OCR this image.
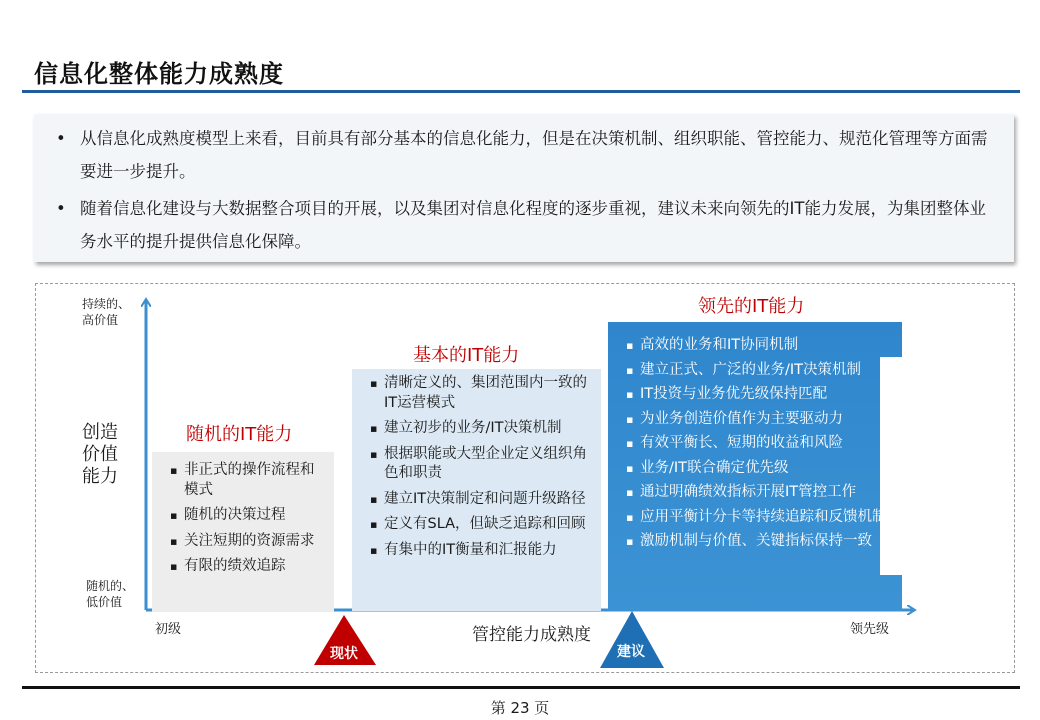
信息化整体能力成熟度
• 从信息化成熟度模型上来看，目前具有部分基本的信息化能力，但是在决策机制、组织职能、管控能力、规范化管理等方面需要进一步提升。
• 随着信息化建设与大数据整合项目的开展，以及集团对信息化程度的逐步重视，建议未来向领先的IT能力发展，为集团整体业务水平的提升提供信息化保障。
持续的、
高价值
创造
价值
能力
随机的、
低价值
初级	管控能力成熟度	领先级
随机的IT能力
▪ 非正式的操作流程和模式
▪ 随机的决策过程
▪ 关注短期的资源需求
▪ 有限的绩效追踪
基本的IT能力
▪ 清晰定义的、集团范围内一致的IT运营模式
▪ 建立初步的业务/IT决策机制
▪ 根据职能或大型企业定义组织角色和职责
▪ 建立IT决策制定和问题升级路径
▪ 定义有SLA，但缺乏追踪和回顾
▪ 有集中的IT衡量和汇报能力
领先的IT能力
▪ 高效的业务和IT协同机制
▪ 建立正式、广泛的业务/IT决策机制
▪ IT投资与业务优先级保持匹配
▪ 为业务创造价值作为主要驱动力
▪ 有效平衡长、短期的收益和风险
▪ 业务/IT联合确定优先级
▪ 通过明确绩效指标开展IT管控工作
▪ 应用平衡计分卡等持续追踪和反馈机制
▪ 激励机制与价值、关键指标保持一致
现状	建议
第 23 页
